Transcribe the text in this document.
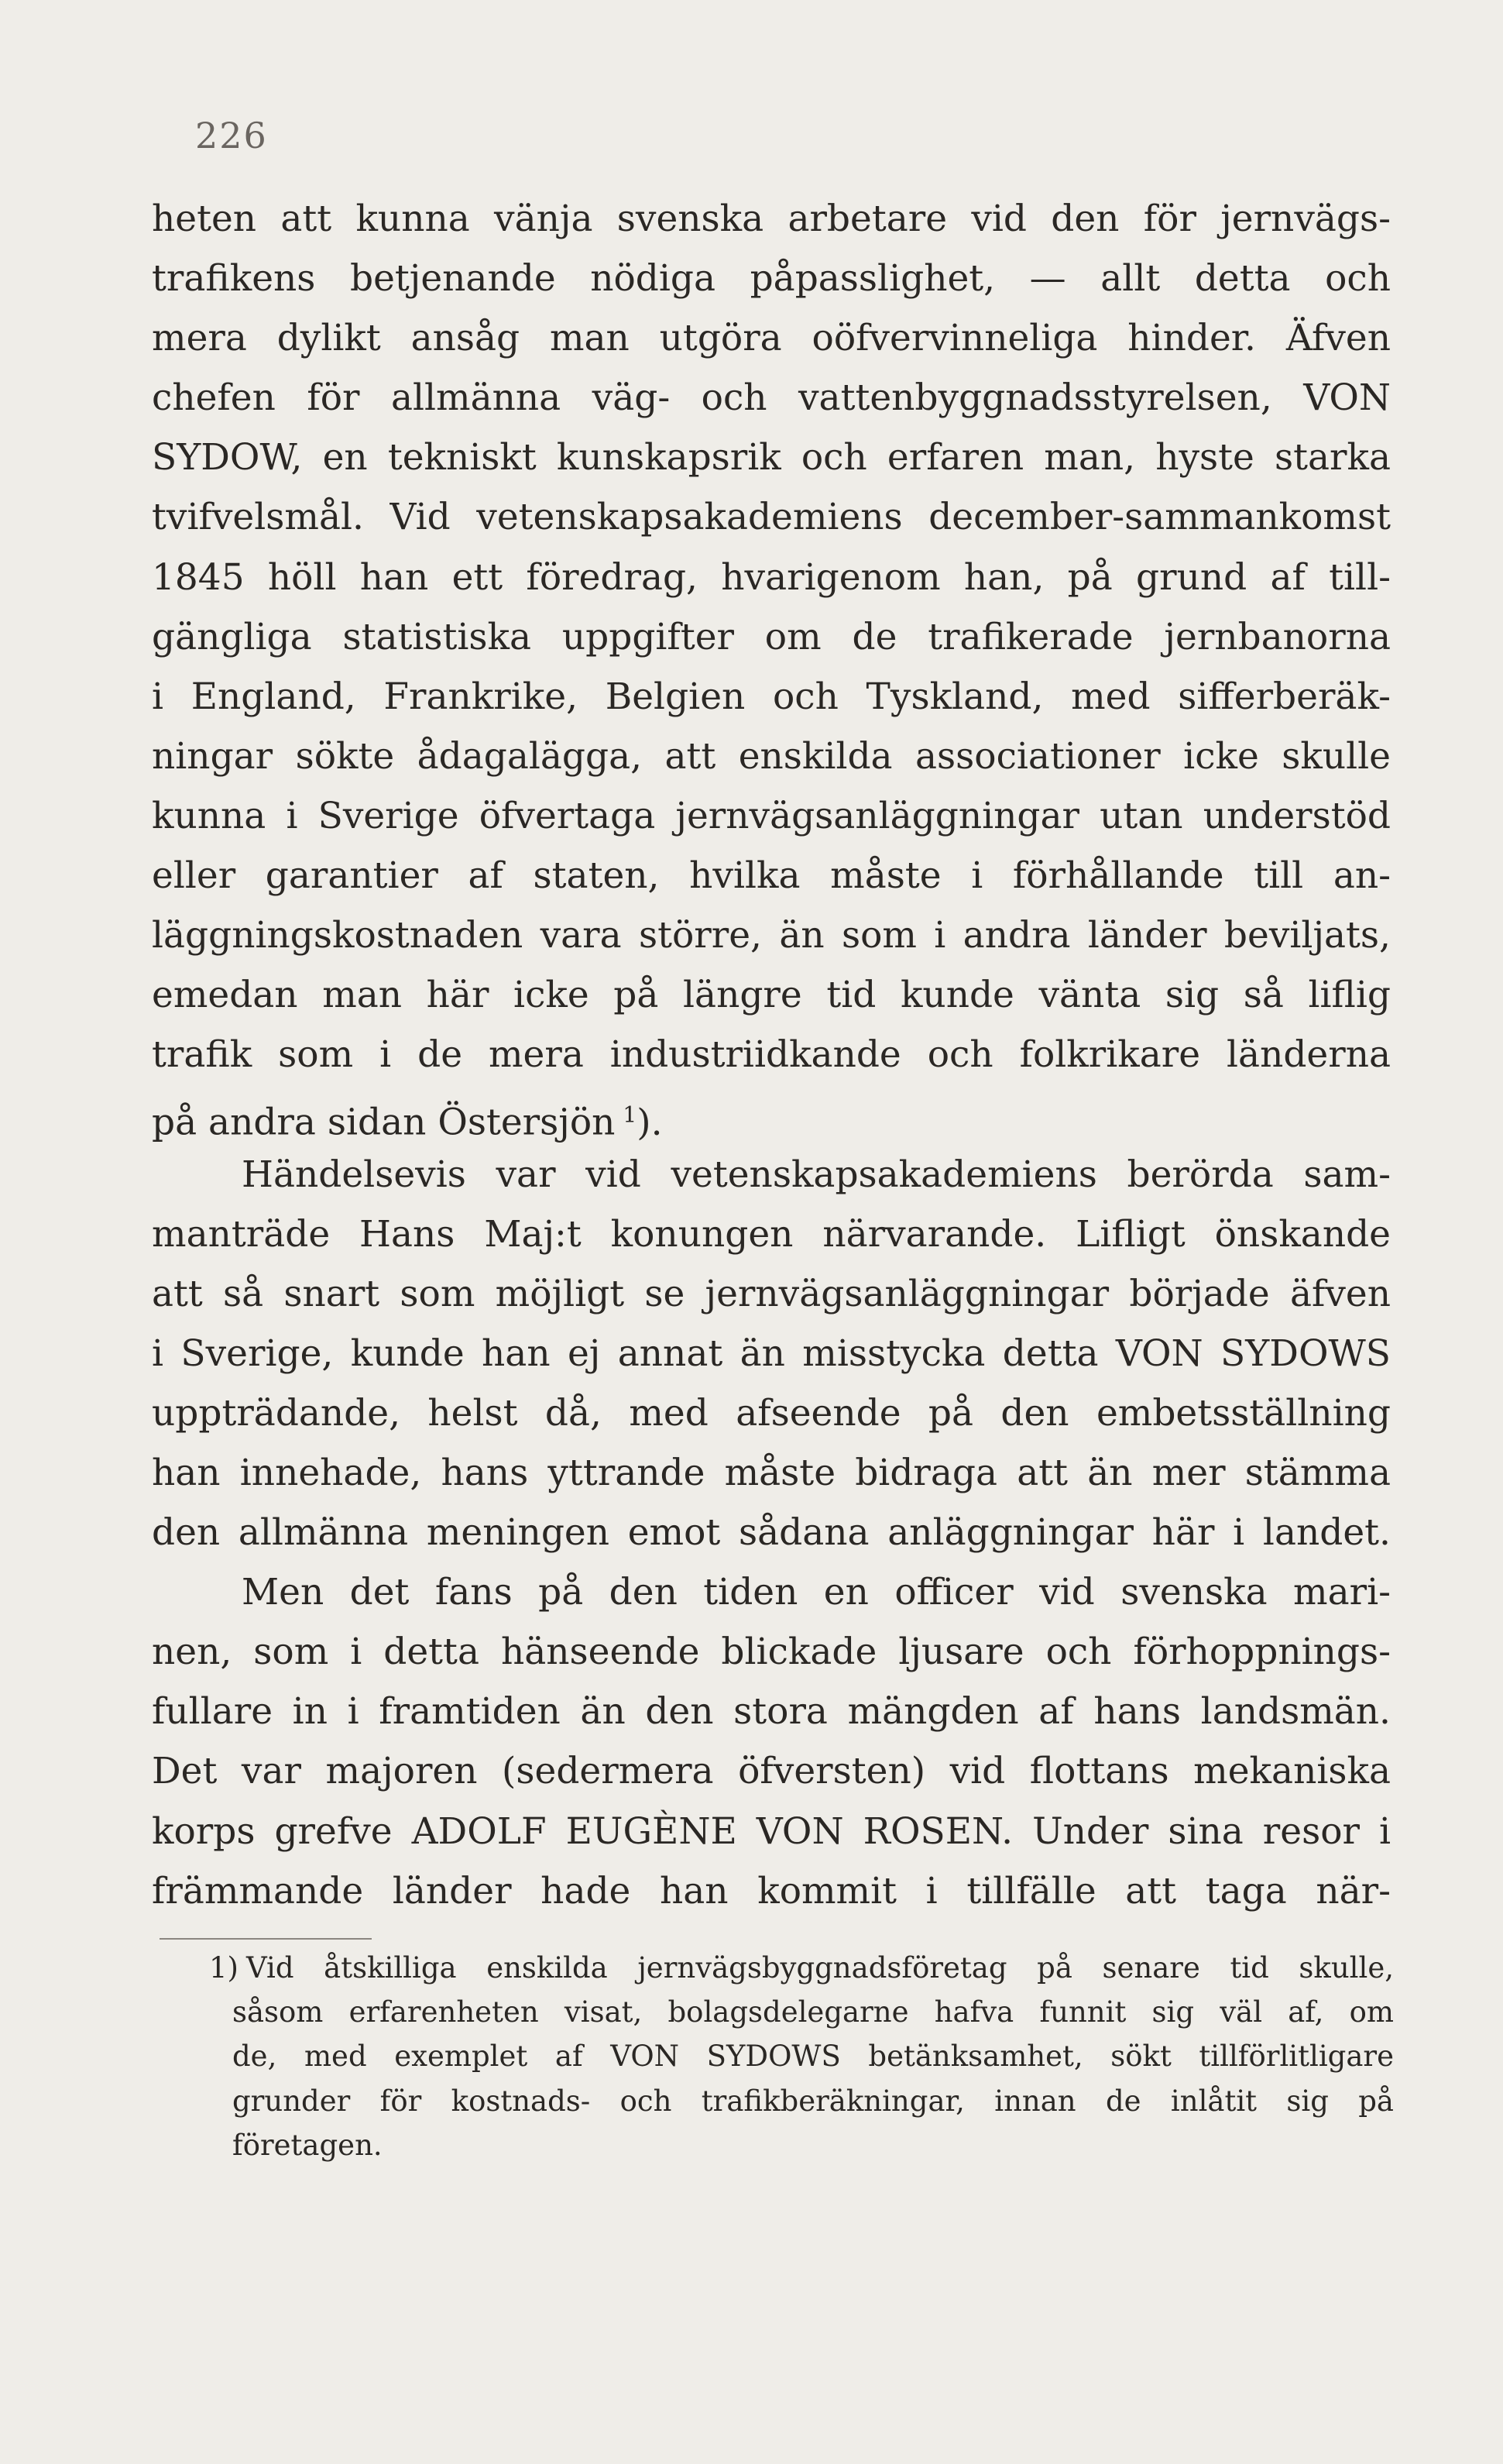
226
heten att kunna vänja svenska arbetare vid den för jernvägs-
trafikens betjenande nödiga påpasslighet, — allt detta och
mera dylikt ansåg man utgöra oöfvervinneliga hinder. Äfven
chefen för allmänna väg- och vattenbyggnadsstyrelsen, VON
SYDOW, en tekniskt kunskapsrik och erfaren man, hyste starka
tvifvelsmål. Vid vetenskapsakademiens december-sammankomst
1845 höll han ett föredrag, hvarigenom han, på grund af till-
gängliga statistiska uppgifter om de trafikerade jernbanorna
i England, Frankrike, Belgien och Tyskland, med sifferberäk-
ningar sökte ådagalägga, att enskilda associationer icke skulle
kunna i Sverige öfvertaga jernvägsanläggningar utan understöd
eller garantier af staten, hvilka måste i förhållande till an-
läggningskostnaden vara större, än som i andra länder beviljats,
emedan man här icke på längre tid kunde vänta sig så liflig
trafik som i de mera industriidkande och folkrikare länderna
på andra sidan Östersjön $^1$).
Händelsevis var vid vetenskapsakademiens berörda sam-
manträde Hans Maj:t konungen närvarande. Lifligt önskande
att så snart som möjligt se jernvägsanläggningar började äfven
i Sverige, kunde han ej annat än misstycka detta VON SYDOWS
uppträdande, helst då, med afseende på den embetsställning
han innehade, hans yttrande måste bidraga att än mer stämma
den allmänna meningen emot sådana anläggningar här i landet.
Men det fans på den tiden en officer vid svenska mari-
nen, som i detta hänseende blickade ljusare och förhoppnings-
fullare in i framtiden än den stora mängden af hans landsmän.
Det var majoren (sedermera öfversten) vid flottans mekaniska
korps grefve ADOLF EUGÈNE VON ROSEN. Under sina resor i
främmande länder hade han kommit i tillfälle att taga när-
1) Vid åtskilliga enskilda jernvägsbyggnadsföretag på senare tid skulle,
såsom erfarenheten visat, bolagsdelegarne hafva funnit sig väl af, om
de, med exemplet af VON SYDOWS betänksamhet, sökt tillförlitligare
grunder för kostnads- och trafikberäkningar, innan de inlåtit sig på
företagen.
